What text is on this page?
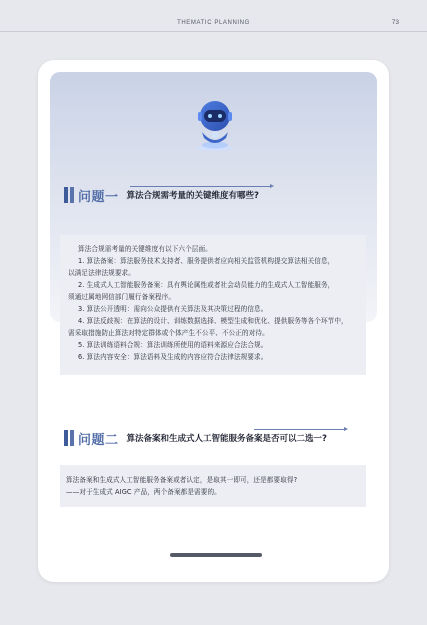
THEMATIC PLANNING	73
问题一 算法合规需考量的关键维度有哪些?

算法合规需考量的关键维度有以下六个层面。

1. 算法备案：算法服务技术支持者、服务提供者应向相关监管机构提交算法相关信息，

以满足法律法规要求。

2. 生成式人工智能服务备案：具有舆论属性或者社会动员能力的生成式人工智能服务，

须通过属地网信部门履行备案程序。

3. 算法公开透明：需向公众提供有关算法及其决策过程的信息。

4. 算法反歧视：在算法的设计、训练数据选择、模型生成和优化、提供服务等各个环节中，

需采取措施防止算法对特定群体或个体产生不公平、不公正的对待。

5. 算法训练语料合规：算法训练所使用的语料来源应合法合规。

6. 算法内容安全：算法语料及生成的内容应符合法律法规要求。

问题二 算法备案和生成式人工智能服务备案是否可以二选一?

算法备案和生成式人工智能服务备案或者认定，是取其一即可，还是都要取得?

——对于生成式 AIGC 产品，两个备案都是需要的。
